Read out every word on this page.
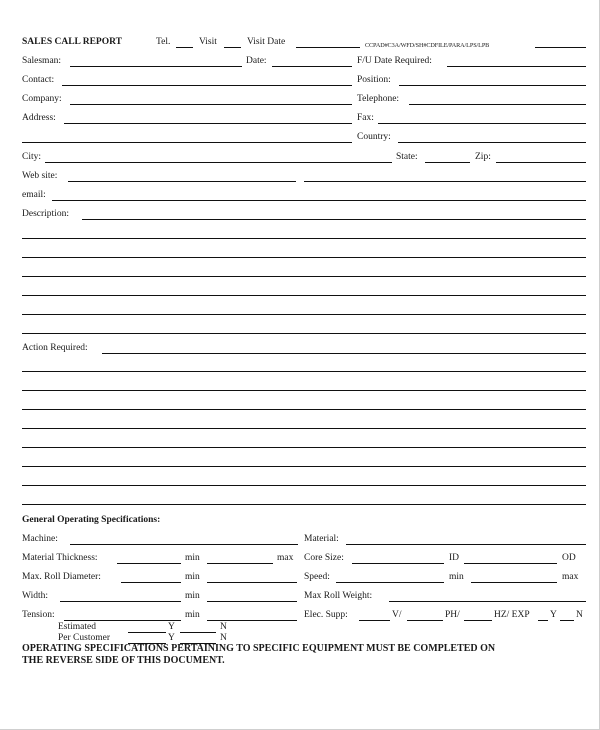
SALES CALL REPORT	Tel.	Visit	Visit Date	CCPAD#C3A/WFD/SH#CDFILE/PARA/LPS/LPB
Salesman:	Date:	F/U Date Required:
Contact:	Position:
Company:	Telephone:
Address:	Fax:
Country:
City:	State:	Zip:
Web site:
email:
Description:
Action Required:
General Operating Specifications:
Machine:	Material:
Material Thickness:	min	max Core Size:	ID	OD
Max. Roll Diameter:	min	Speed:	min	max
Width:	min	Max Roll Weight:
Tension:	min	Elec. Supp:	V/	PH/	HZ/ EXP Y N
Estimated	Y	N
Per Customer	Y	N
OPERATING SPECIFICATIONS PERTAINING TO SPECIFIC EQUIPMENT MUST BE COMPLETED ON
THE REVERSE SIDE OF THIS DOCUMENT.
